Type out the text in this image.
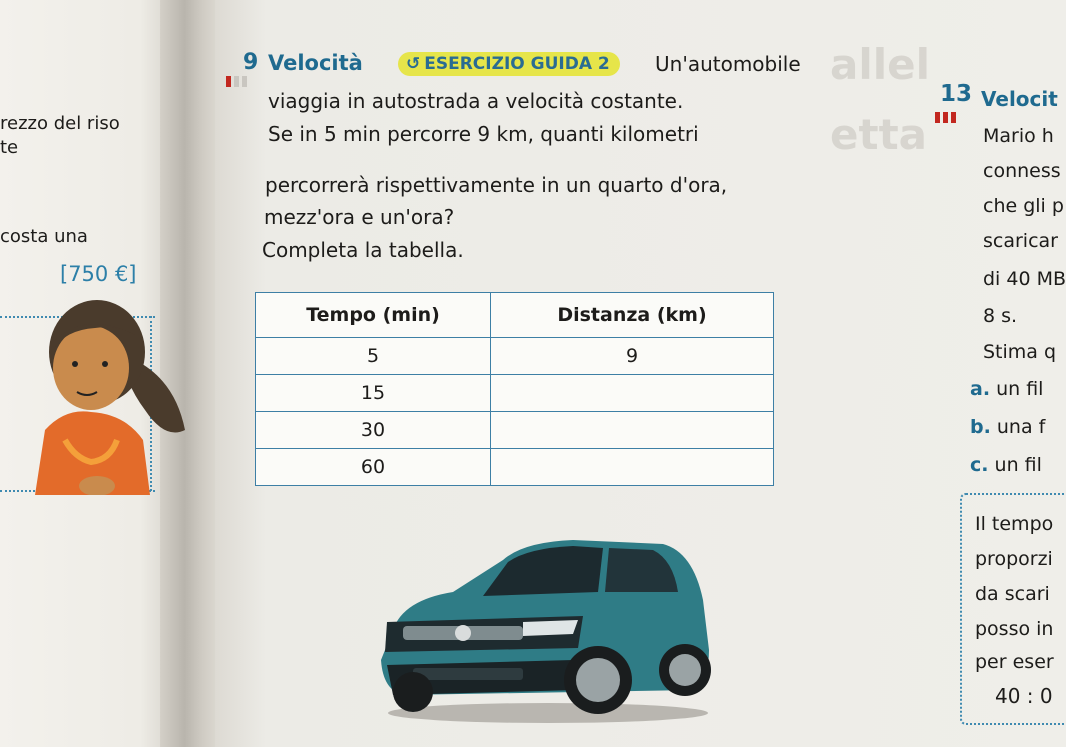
allel
etta
rezzo del riso
te
costa una
[750 €]
9 Velocità	↺ ESERCIZIO GUIDA 2	Un'automobile
viaggia in autostrada a velocità costante.
Se in 5 min percorre 9 km, quanti kilometri
percorrerà rispettivamente in un quarto d'ora,
mezz'ora e un'ora?
Completa la tabella.
Tempo (min)	Distanza (km)
5	9
15	
30	
60	
13 Velocit
Mario h
conness
che gli p
scaricar
di 40 MB
8 s.
Stima q
a. un fil
b. una f
c. un fil
Il tempo
proporzi
da scari
posso in
per eser
40 : 0
